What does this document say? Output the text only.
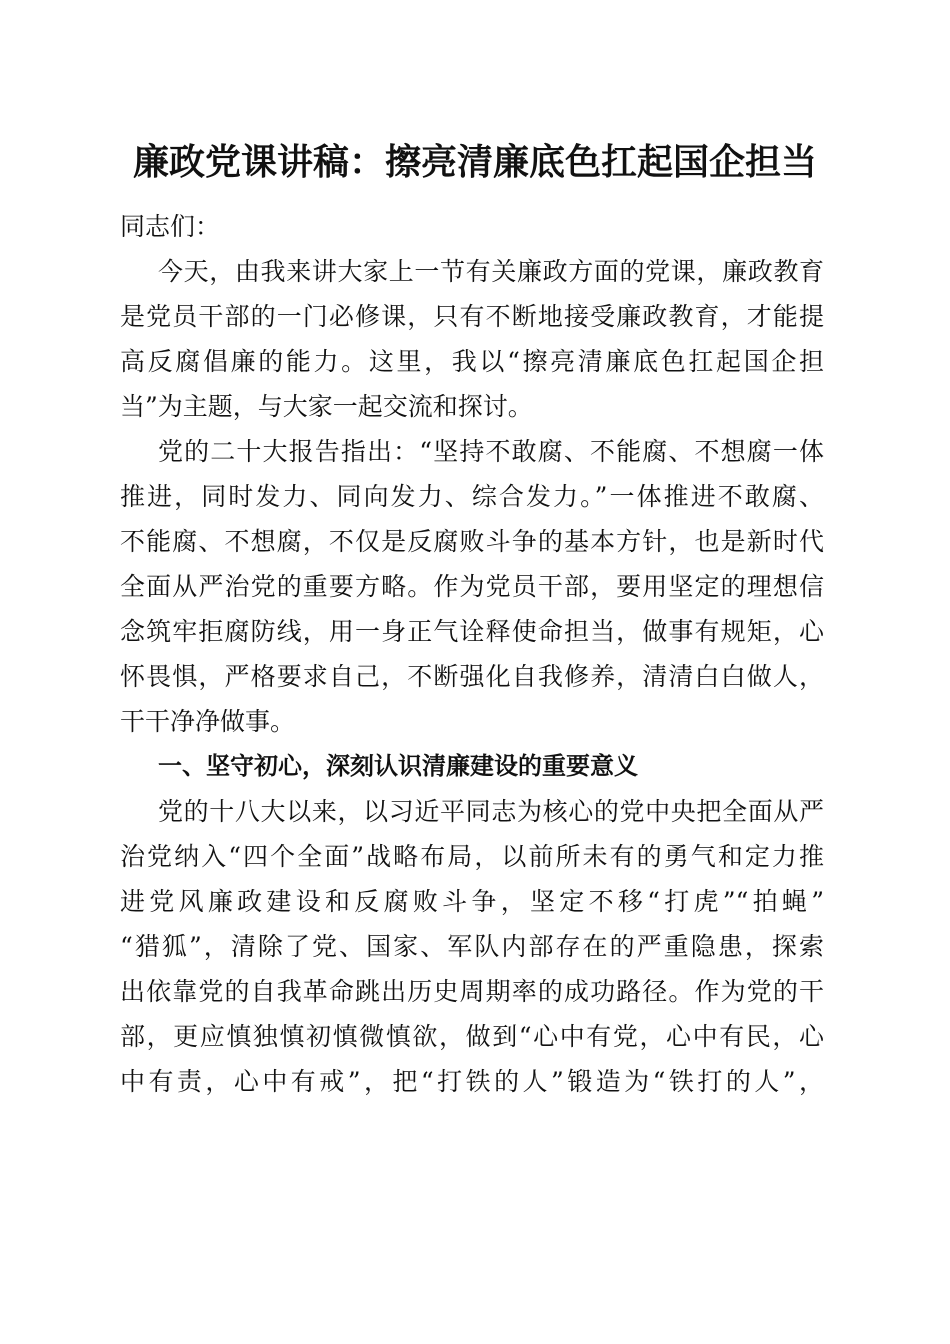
廉政党课讲稿：擦亮清廉底色扛起国企担当
同志们：
今天，由我来讲大家上一节有关廉政方面的党课，廉政教育
是党员干部的一门必修课，只有不断地接受廉政教育，才能提
高反腐倡廉的能力。这里，我以“擦亮清廉底色扛起国企担
当”为主题，与大家一起交流和探讨。
党的二十大报告指出：“坚持不敢腐、不能腐、不想腐一体
推进，同时发力、同向发力、综合发力。”一体推进不敢腐、
不能腐、不想腐，不仅是反腐败斗争的基本方针，也是新时代
全面从严治党的重要方略。作为党员干部，要用坚定的理想信
念筑牢拒腐防线，用一身正气诠释使命担当，做事有规矩，心
怀畏惧，严格要求自己，不断强化自我修养，清清白白做人，
干干净净做事。
一、坚守初心，深刻认识清廉建设的重要意义
党的十八大以来，以习近平同志为核心的党中央把全面从严
治党纳入“四个全面”战略布局，以前所未有的勇气和定力推
进党风廉政建设和反腐败斗争，坚定不移“打虎”“拍蝇”
“猎狐”，清除了党、国家、军队内部存在的严重隐患，探索
出依靠党的自我革命跳出历史周期率的成功路径。作为党的干
部，更应慎独慎初慎微慎欲，做到“心中有党，心中有民，心
中有责，心中有戒”，把“打铁的人”锻造为“铁打的人”，
